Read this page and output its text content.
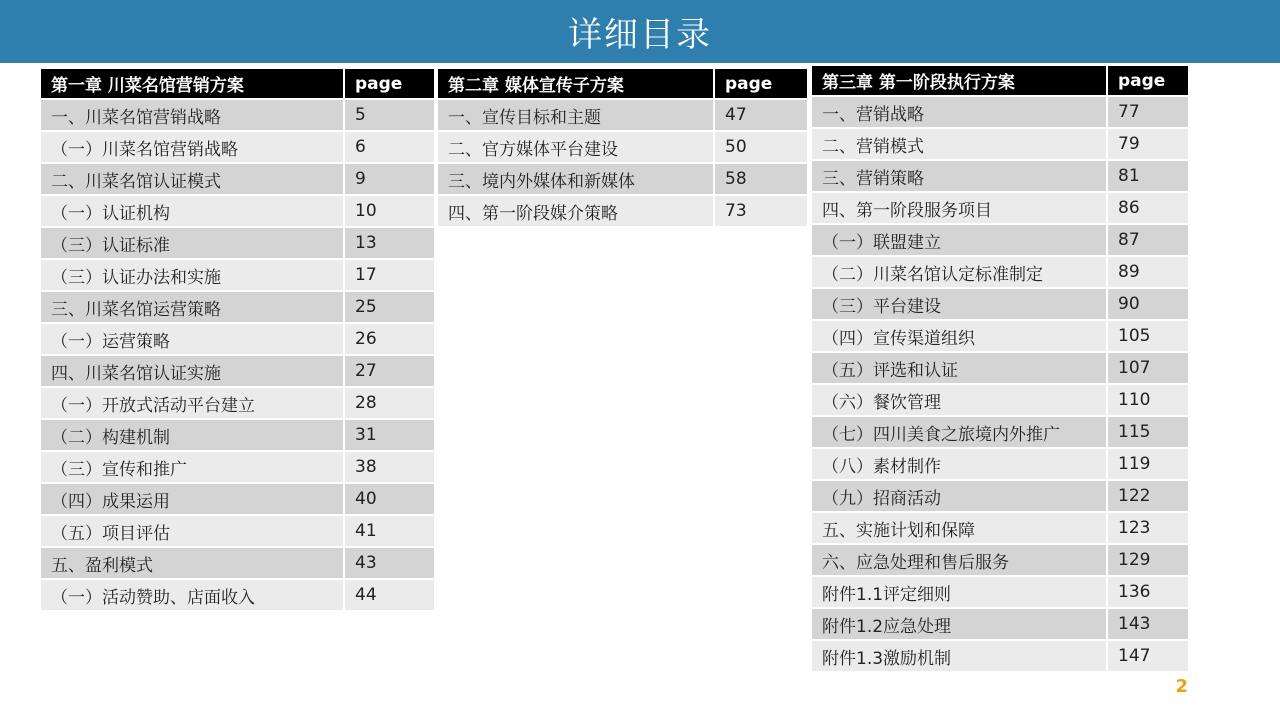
详细目录
第一章 川菜名馆营销方案	page
一、川菜名馆营销战略	5
（一）川菜名馆营销战略	6
二、川菜名馆认证模式	9
（一）认证机构	10
（三）认证标准	13
（三）认证办法和实施	17
三、川菜名馆运营策略	25
（一）运营策略	26
四、川菜名馆认证实施	27
（一）开放式活动平台建立	28
（二）构建机制	31
（三）宣传和推广	38
（四）成果运用	40
（五）项目评估	41
五、盈利模式	43
（一）活动赞助、店面收入	44
第二章 媒体宣传子方案	page
一、宣传目标和主题	47
二、官方媒体平台建设	50
三、境内外媒体和新媒体	58
四、第一阶段媒介策略	73
第三章 第一阶段执行方案	page
一、营销战略	77
二、营销模式	79
三、营销策略	81
四、第一阶段服务项目	86
（一）联盟建立	87
（二）川菜名馆认定标准制定	89
（三）平台建设	90
（四）宣传渠道组织	105
（五）评选和认证	107
（六）餐饮管理	110
（七）四川美食之旅境内外推广	115
（八）素材制作	119
（九）招商活动	122
五、实施计划和保障	123
六、应急处理和售后服务	129
附件1.1评定细则	136
附件1.2应急处理	143
附件1.3激励机制	147
2
